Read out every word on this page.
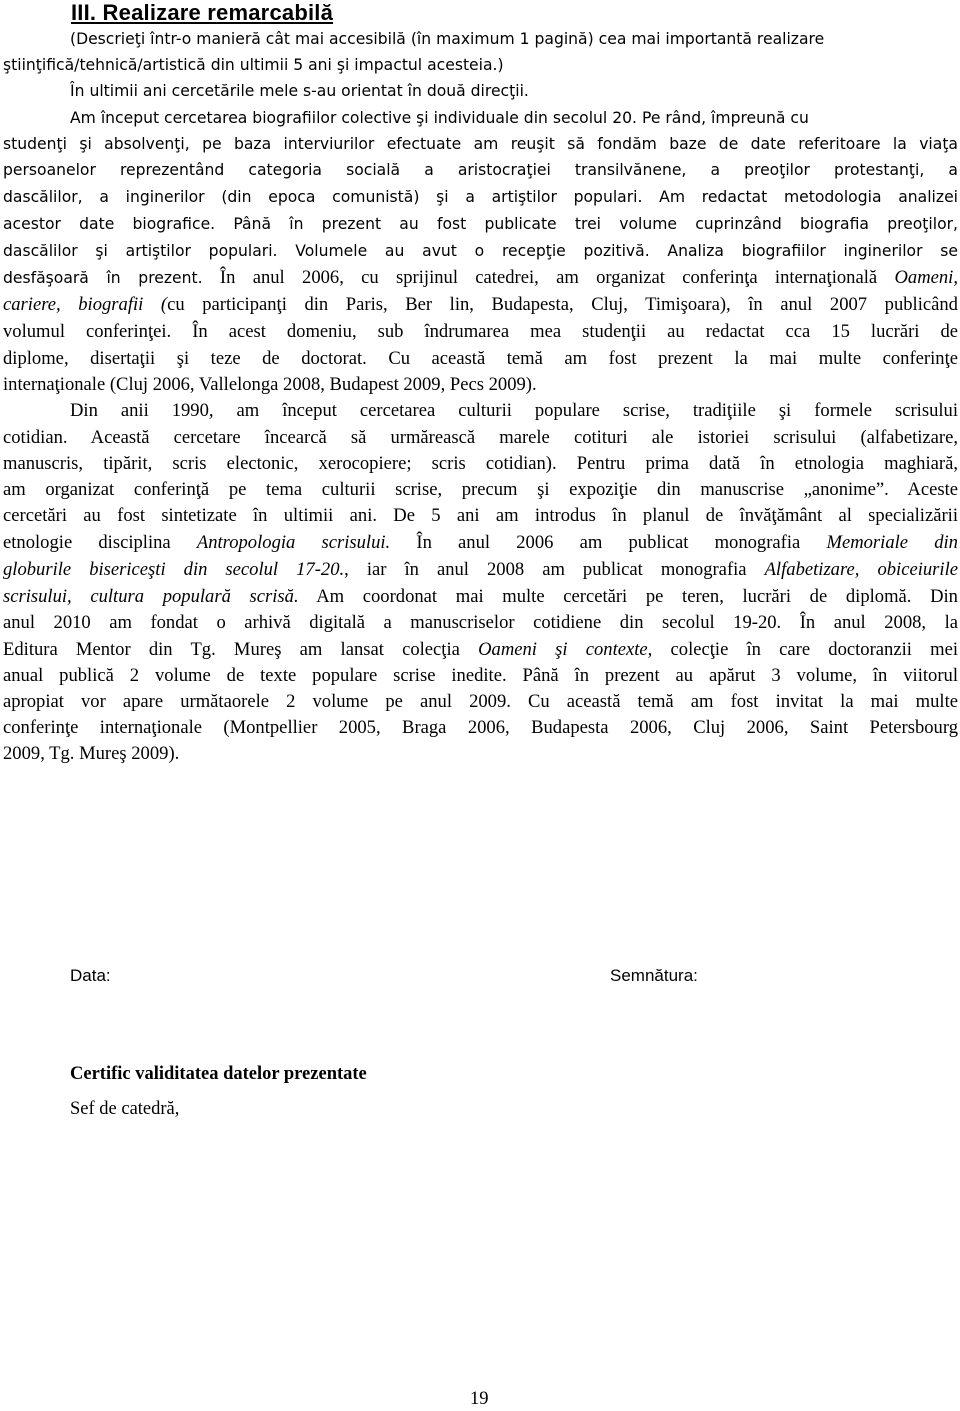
III. Realizare remarcabilă
(Descrieţi într-o manieră cât mai accesibilă (în maximum 1 pagină) cea mai importantă realizare
ştiinţifică/tehnică/artistică din ultimii 5 ani şi impactul acesteia.)
În ultimii ani cercetările mele s-au orientat în două direcţii.
Am început cercetarea biografiilor colective şi individuale din secolul 20. Pe rând, împreună cu
studenţi şi absolvenţi, pe baza interviurilor efectuate am reuşit să fondăm baze de date referitoare la viaţa
persoanelor reprezentând categoria socială a aristocraţiei transilvănene, a preoţilor protestanţi, a
dascălilor, a inginerilor (din epoca comunistă) şi a artiştilor populari. Am redactat metodologia analizei
acestor date biografice. Până în prezent au fost publicate trei volume cuprinzând biografia preoţilor,
dascălilor şi artiştilor populari. Volumele au avut o recepţie pozitivă. Analiza biografiilor inginerilor se
desfăşoară în prezent. În anul 2006, cu sprijinul catedrei, am organizat conferinţa internaţională Oameni,
cariere, biografii (cu participanţi din Paris, Ber lin, Budapesta, Cluj, Timişoara), în anul 2007 publicând
volumul conferinţei. În acest domeniu, sub îndrumarea mea studenţii au redactat cca 15 lucrări de
diplome, disertaţii şi teze de doctorat. Cu această temă am fost prezent la mai multe conferinţe
internaţionale (Cluj 2006, Vallelonga 2008, Budapest 2009, Pecs 2009).
Din anii 1990, am început cercetarea culturii populare scrise, tradiţiile şi formele scrisului
cotidian. Această cercetare încearcă să urmărească marele cotituri ale istoriei scrisului (alfabetizare,
manuscris, tipărit, scris electonic, xerocopiere; scris cotidian). Pentru prima dată în etnologia maghiară,
am organizat conferinţă pe tema culturii scrise, precum şi expoziţie din manuscrise „anonime”. Aceste
cercetări au fost sintetizate în ultimii ani. De 5 ani am introdus în planul de învăţământ al specializării
etnologie disciplina Antropologia scrisului. În anul 2006 am publicat monografia Memoriale din
globurile bisericeşti din secolul 17-20., iar în anul 2008 am publicat monografia Alfabetizare, obiceiurile
scrisului, cultura populară scrisă. Am coordonat mai multe cercetări pe teren, lucrări de diplomă. Din
anul 2010 am fondat o arhivă digitală a manuscriselor cotidiene din secolul 19-20. În anul 2008, la
Editura Mentor din Tg. Mureş am lansat colecţia Oameni şi contexte, colecţie în care doctoranzii mei
anual publică 2 volume de texte populare scrise inedite. Până în prezent au apărut 3 volume, în viitorul
apropiat vor apare următaorele 2 volume pe anul 2009. Cu această temă am fost invitat la mai multe
conferinţe internaţionale (Montpellier 2005, Braga 2006, Budapesta 2006, Cluj 2006, Saint Petersbourg
2009, Tg. Mureş 2009).
Data:	Semnătura:
Certific validitatea datelor prezentate
Sef de catedră,
19
